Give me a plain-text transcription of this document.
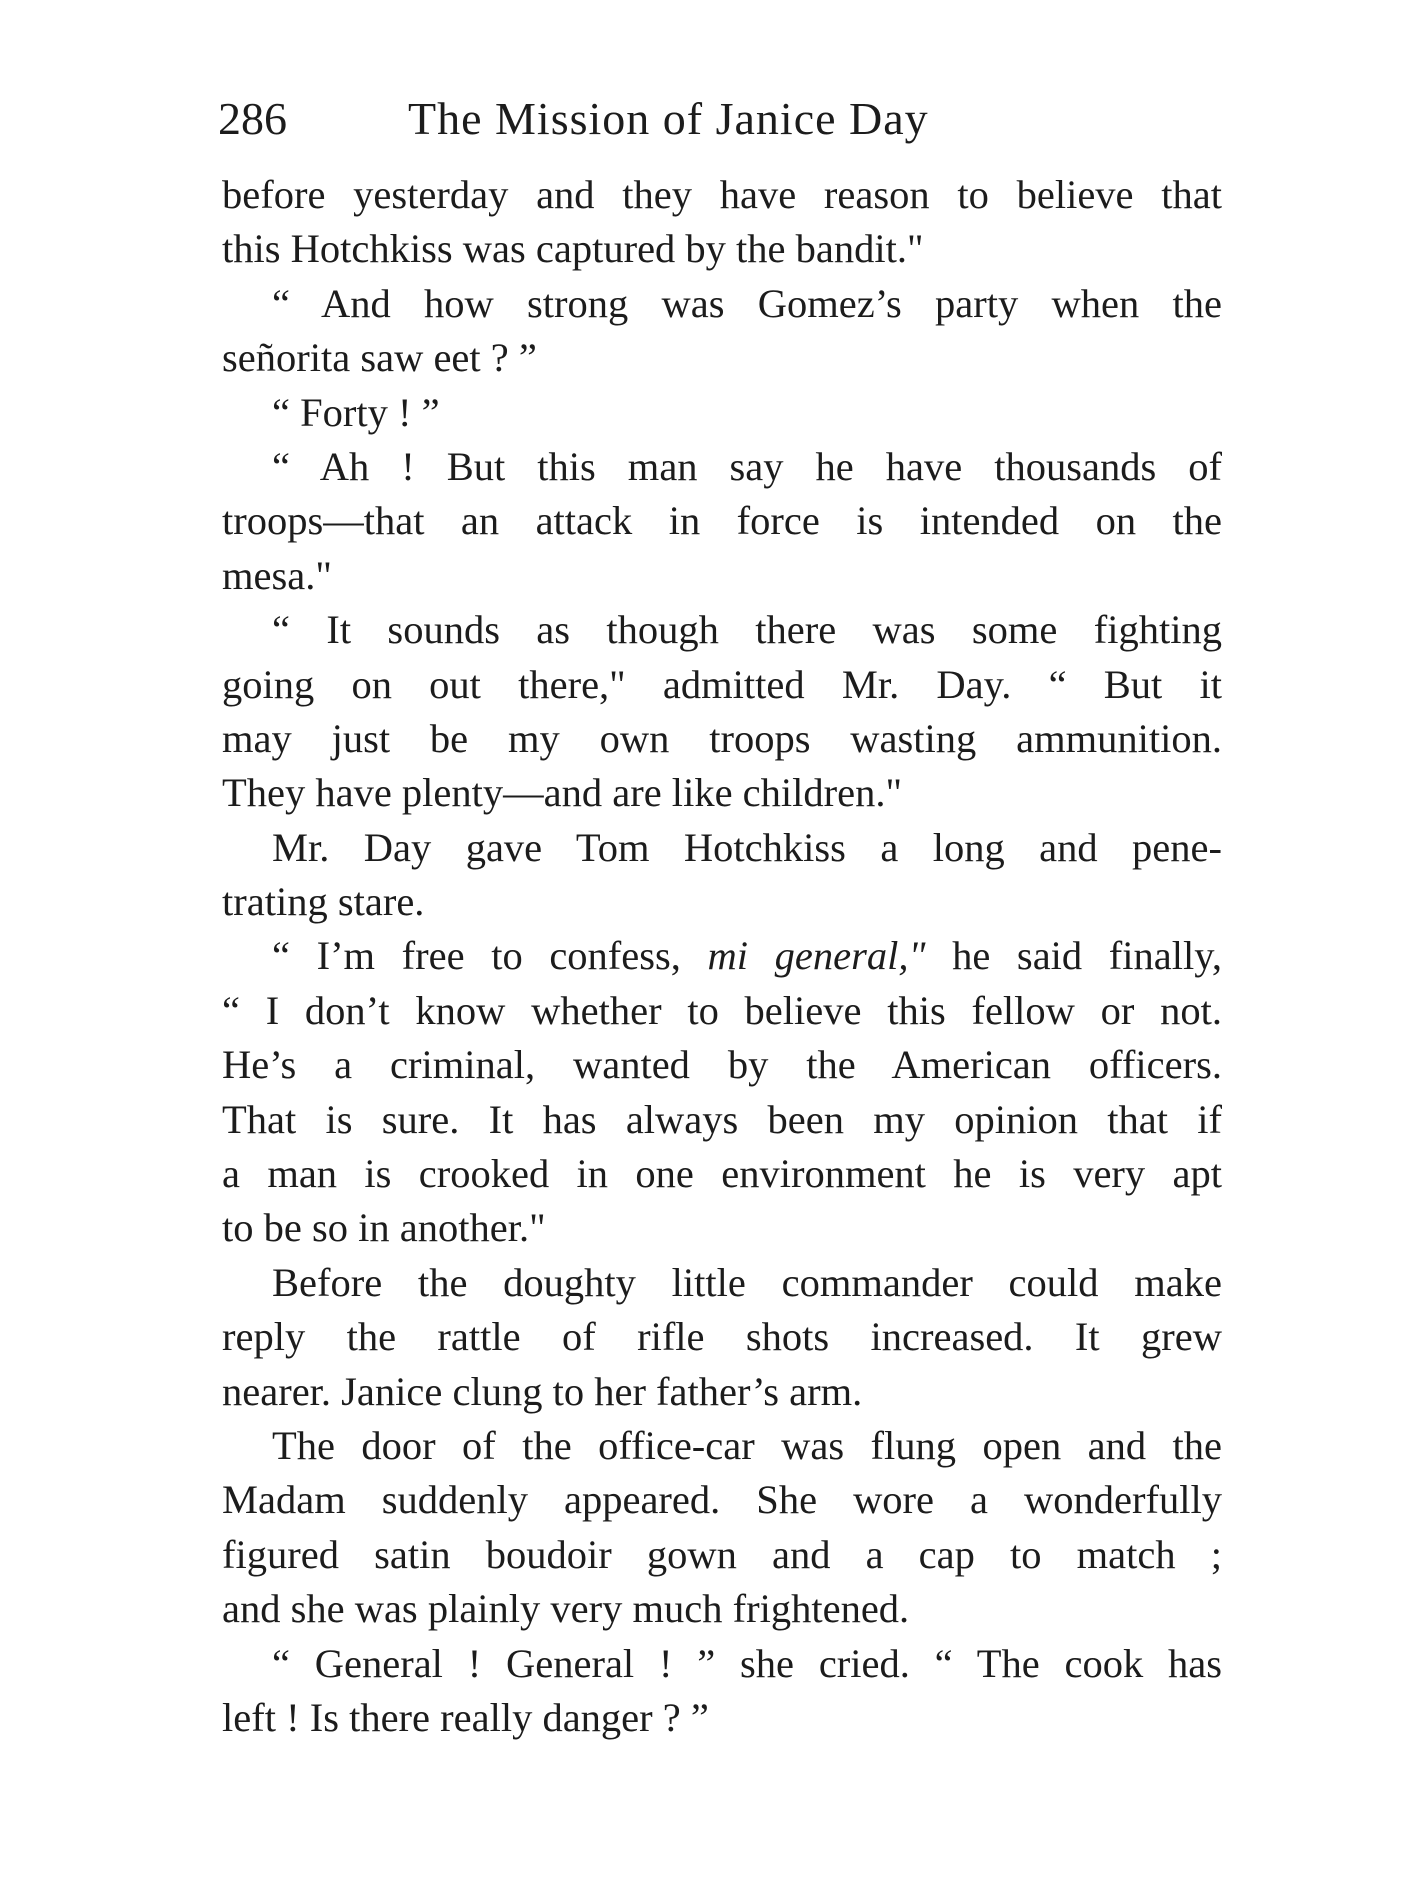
286	The Mission of Janice Day
before yesterday and they have reason to believe that
this Hotchkiss was captured by the bandit."
“ And how strong was Gomez’s party when the
señorita saw eet ? ”
“ Forty ! ”
“ Ah ! But this man say he have thousands of
troops—that an attack in force is intended on the
mesa."
“ It sounds as though there was some fighting
going on out there," admitted Mr. Day. “ But it
may just be my own troops wasting ammunition.
They have plenty—and are like children."
Mr. Day gave Tom Hotchkiss a long and pene-
trating stare.
“ I’m free to confess, mi general," he said finally,
“ I don’t know whether to believe this fellow or not.
He’s a criminal, wanted by the American officers.
That is sure. It has always been my opinion that if
a man is crooked in one environment he is very apt
to be so in another."
Before the doughty little commander could make
reply the rattle of rifle shots increased. It grew
nearer. Janice clung to her father’s arm.
The door of the office-car was flung open and the
Madam suddenly appeared. She wore a wonderfully
figured satin boudoir gown and a cap to match ;
and she was plainly very much frightened.
“ General ! General ! ” she cried. “ The cook has
left ! Is there really danger ? ”
